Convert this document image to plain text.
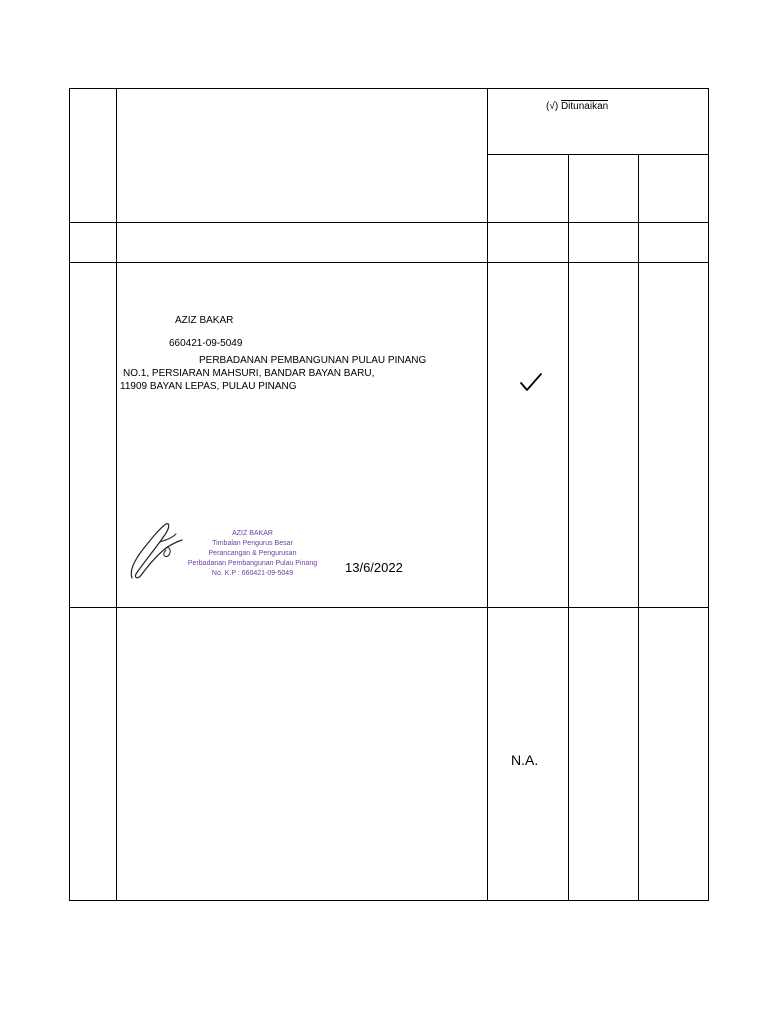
(√) Ditunaikan
AZIZ BAKAR
660421-09-5049
PERBADANAN PEMBANGUNAN PULAU PINANG
NO.1, PERSIARAN MAHSURI, BANDAR BAYAN BARU,
11909 BAYAN LEPAS, PULAU PINANG
AZIZ BAKAR
Timbalan Pengurus Besar
Perancangan & Pengurusan
Perbadanan Pembangunan Pulau Pinang
No. K.P : 660421-09-5049	13/6/2022
N.A.
